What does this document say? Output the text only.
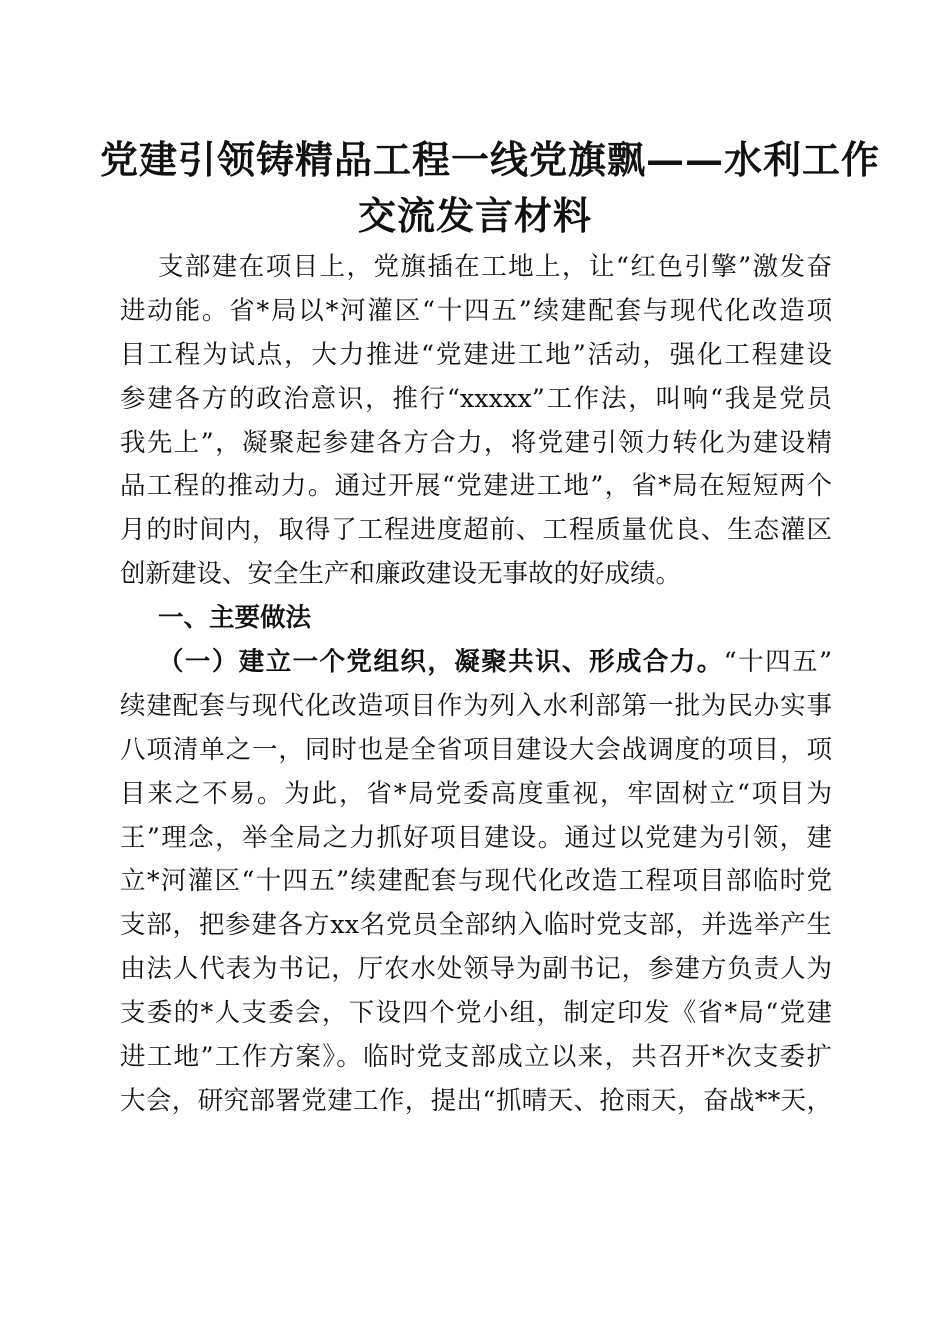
党建引领铸精品工程一线党旗飘——水利工作
交流发言材料
支部建在项目上，党旗插在工地上，让“红色引擎”激发奋
进动能。省*局以*河灌区“十四五”续建配套与现代化改造项
目工程为试点，大力推进“党建进工地”活动，强化工程建设
参建各方的政治意识，推行“xxxxx”工作法，叫响“我是党员
我先上”，凝聚起参建各方合力，将党建引领力转化为建设精
品工程的推动力。通过开展“党建进工地”，省*局在短短两个
月的时间内，取得了工程进度超前、工程质量优良、生态灌区
创新建设、安全生产和廉政建设无事故的好成绩。
一、主要做法
（一）建立一个党组织，凝聚共识、形成合力。“十四五”
续建配套与现代化改造项目作为列入水利部第一批为民办实事
八项清单之一，同时也是全省项目建设大会战调度的项目，项
目来之不易。为此，省*局党委高度重视，牢固树立“项目为
王”理念，举全局之力抓好项目建设。通过以党建为引领，建
立*河灌区“十四五”续建配套与现代化改造工程项目部临时党
支部，把参建各方xx名党员全部纳入临时党支部，并选举产生
由法人代表为书记，厅农水处领导为副书记，参建方负责人为
支委的*人支委会，下设四个党小组，制定印发《省*局“党建
进工地”工作方案》。临时党支部成立以来，共召开*次支委扩
大会，研究部署党建工作，提出“抓晴天、抢雨天，奋战**天，
